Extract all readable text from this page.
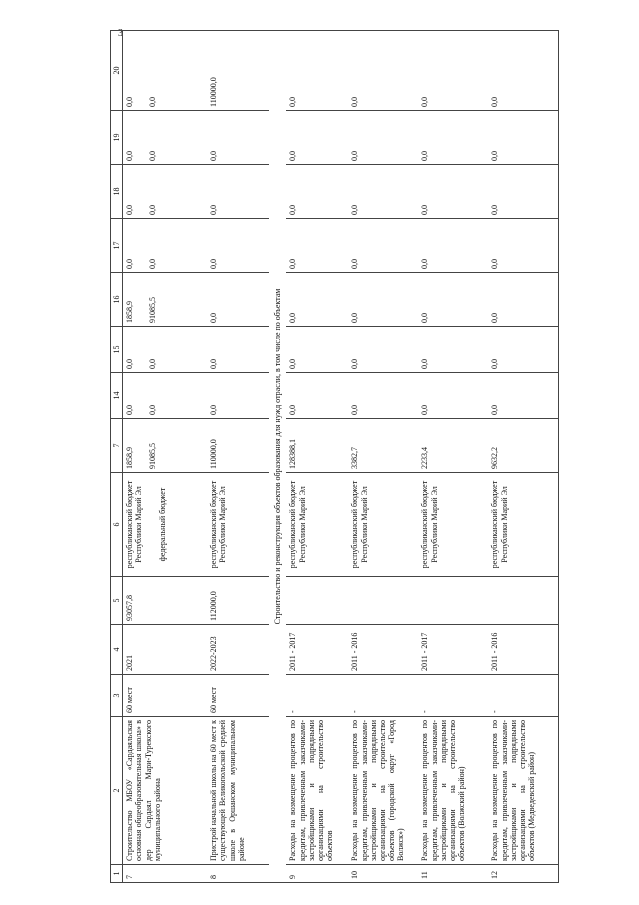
3
1	2	3	4	5	6	7	14	15	16	17	18	19	20
7	Строительство МБОУ «Сардаяльская основная общеобразовательная школа» в дер Сардаял Мари-Турекского муниципального района	60 мест	2021	93057,8	республиканский бюджет Республики Марий Эл федеральный бюджет	1858,9 91085,5	0,0 0,0	0,0 0,0	1858,9 91085,5	0,0 0,0	0,0 0,0	0,0 0,0	0,0 0,0

8	Пристрой начальной школы на 60 мест к существующей Великопольской средней школе в Оршанском муниципальном районе	60 мест	2022-2023	112000,0	республиканский бюджет Республики Марий Эл	110000,0	0,0	0,0	0,0	0,0	0,0	0,0	110000,0
Строительство и реконструкция объектов образования для нужд отрасли, в том числе по объектам													
9	Расходы на возмещение процентов по кредитам, привлеченным заказчиками-застройщиками и подрядными организациями на строительство объектов	-	2011 - 2017		республиканский бюджет Республики Марий Эл	128388,1	0,0	0,0	0,0	0,0	0,0	0,0	0,0
10	Расходы на возмещение процентов по кредитам, привлеченным заказчиками-застройщиками и подрядными организациями на строительство объектов (городской округ «Город Волжск»)	-	2011 - 2016		республиканский бюджет Республики Марий Эл	3382,7	0,0	0,0	0,0	0,0	0,0	0,0	0,0
11	Расходы на возмещение процентов по кредитам, привлеченным заказчиками-застройщиками и подрядными организациями на строительство объектов (Волжский район)	-	2011 - 2017		республиканский бюджет Республики Марий Эл	2233,4	0,0	0,0	0,0	0,0	0,0	0,0	0,0
12	Расходы на возмещение процентов по кредитам, привлеченным заказчиками-застройщиками и подрядными организациями на строительство объектов (Медведевский район)	-	2011 - 2016		республиканский бюджет Республики Марий Эл	9632,2	0,0	0,0	0,0	0,0	0,0	0,0	0,0
